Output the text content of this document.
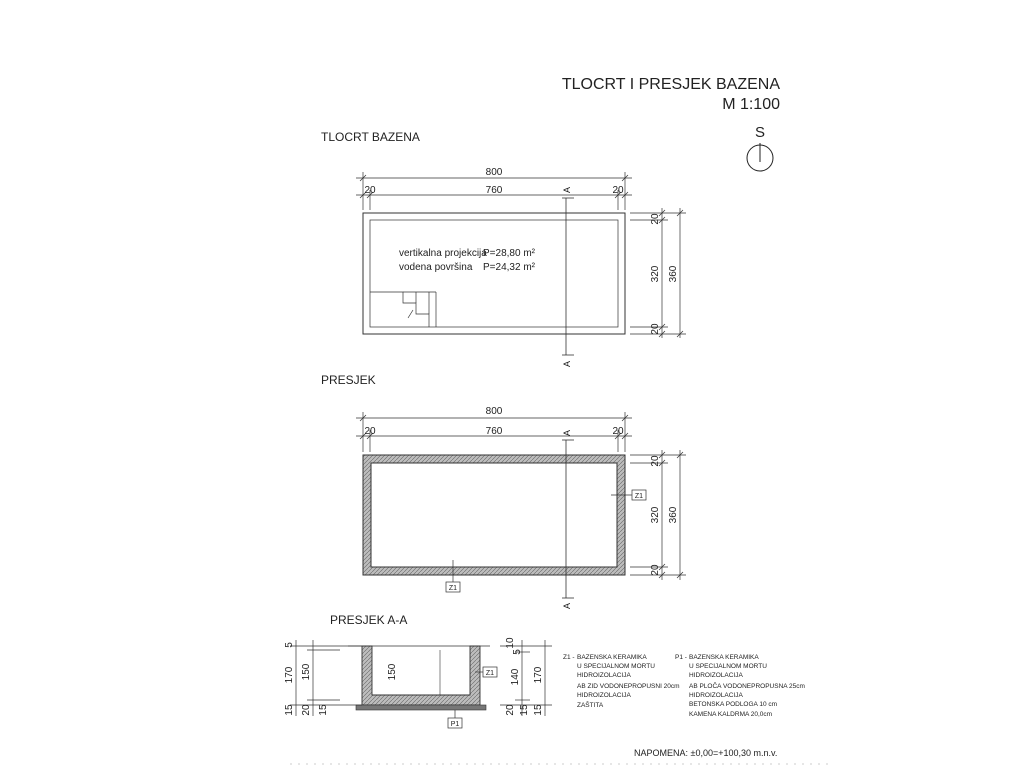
TLOCRT I PRESJEK BAZENA
M 1:100
S
TLOCRT BAZENA
800
20	760	20
vertikalna projekcija
P=28,80 m²
vodena površina P=24,32 m²
A
A
20
320 360
20
PRESJEK
800
20	760	20
A
A
Z1
Z1
20
320 360
20
PRESJEK A-A
150
5
150
170
15 20 15
Z1
P1
10
5
140 170
20 15 15
Z1 - BAZENSKA KERAMIKA
U SPECIJALNOM MORTU
HIDROIZOLACIJA
AB ZID VODONEPROPUSNI 20cm
HIDROIZOLACIJA
ZAŠTITA
P1 - BAZENSKA KERAMIKA
U SPECIJALNOM MORTU
HIDROIZOLACIJA
AB PLOČA VODONEPROPUSNA 25cm
HIDROIZOLACIJA
BETONSKA PODLOGA 10 cm
KAMENA KALDRMA 20,0cm
NAPOMENA: ±0,00=+100,30 m.n.v.
